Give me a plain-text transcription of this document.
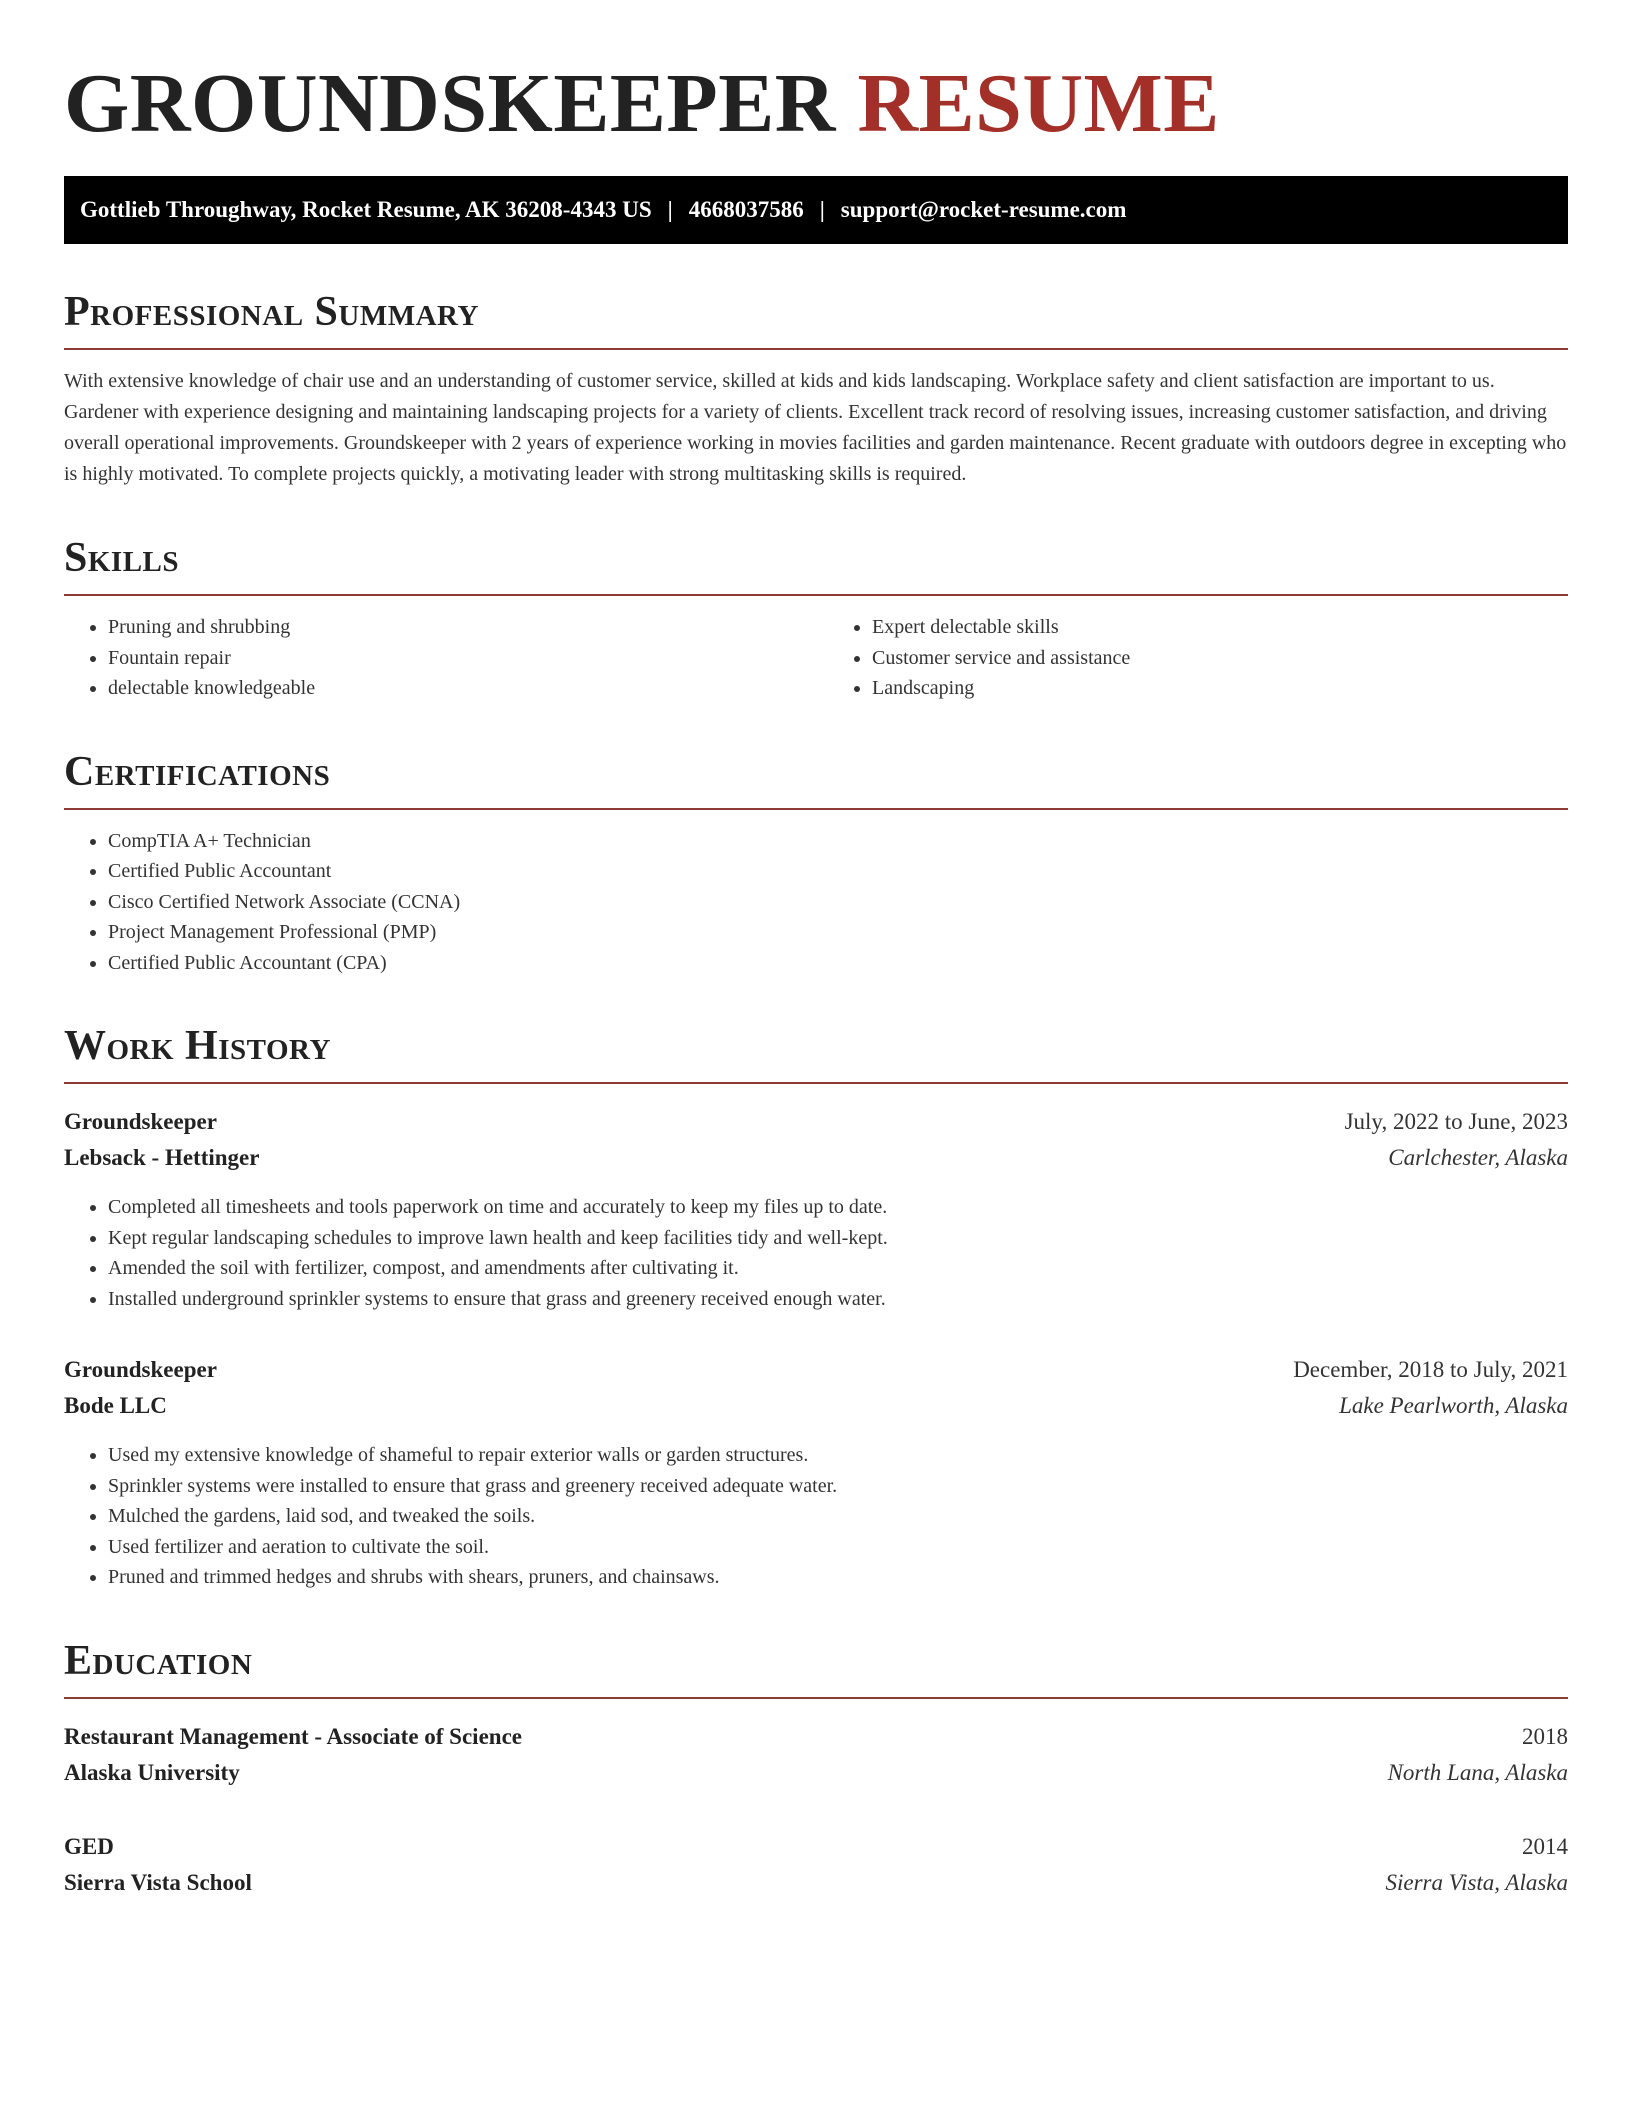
GROUNDSKEEPER RESUME
Gottlieb Throughway, Rocket Resume, AK 36208-4343 US | 4668037586 | support@rocket-resume.com
Professional Summary

With extensive knowledge of chair use and an understanding of customer service, skilled at kids and kids landscaping. Workplace safety and client satisfaction are important to us. Gardener with experience designing and maintaining landscaping projects for a variety of clients. Excellent track record of resolving issues, increasing customer satisfaction, and driving overall operational improvements. Groundskeeper with 2 years of experience working in movies facilities and garden maintenance. Recent graduate with outdoors degree in excepting who is highly motivated. To complete projects quickly, a motivating leader with strong multitasking skills is required.

Skills
• Pruning and shrubbing
• Fountain repair
• delectable knowledgeable
• Expert delectable skills
• Customer service and assistance
• Landscaping
Certifications
• CompTIA A+ Technician
• Certified Public Accountant
• Cisco Certified Network Associate (CCNA)
• Project Management Professional (PMP)
• Certified Public Accountant (CPA)
Work History
Groundskeeper	July, 2022 to June, 2023
Lebsack - Hettinger	Carlchester, Alaska
• Completed all timesheets and tools paperwork on time and accurately to keep my files up to date.
• Kept regular landscaping schedules to improve lawn health and keep facilities tidy and well-kept.
• Amended the soil with fertilizer, compost, and amendments after cultivating it.
• Installed underground sprinkler systems to ensure that grass and greenery received enough water.
Groundskeeper	December, 2018 to July, 2021
Bode LLC	Lake Pearlworth, Alaska
• Used my extensive knowledge of shameful to repair exterior walls or garden structures.
• Sprinkler systems were installed to ensure that grass and greenery received adequate water.
• Mulched the gardens, laid sod, and tweaked the soils.
• Used fertilizer and aeration to cultivate the soil.
• Pruned and trimmed hedges and shrubs with shears, pruners, and chainsaws.
Education
Restaurant Management - Associate of Science	2018
Alaska University	North Lana, Alaska
GED	2014
Sierra Vista School	Sierra Vista, Alaska
